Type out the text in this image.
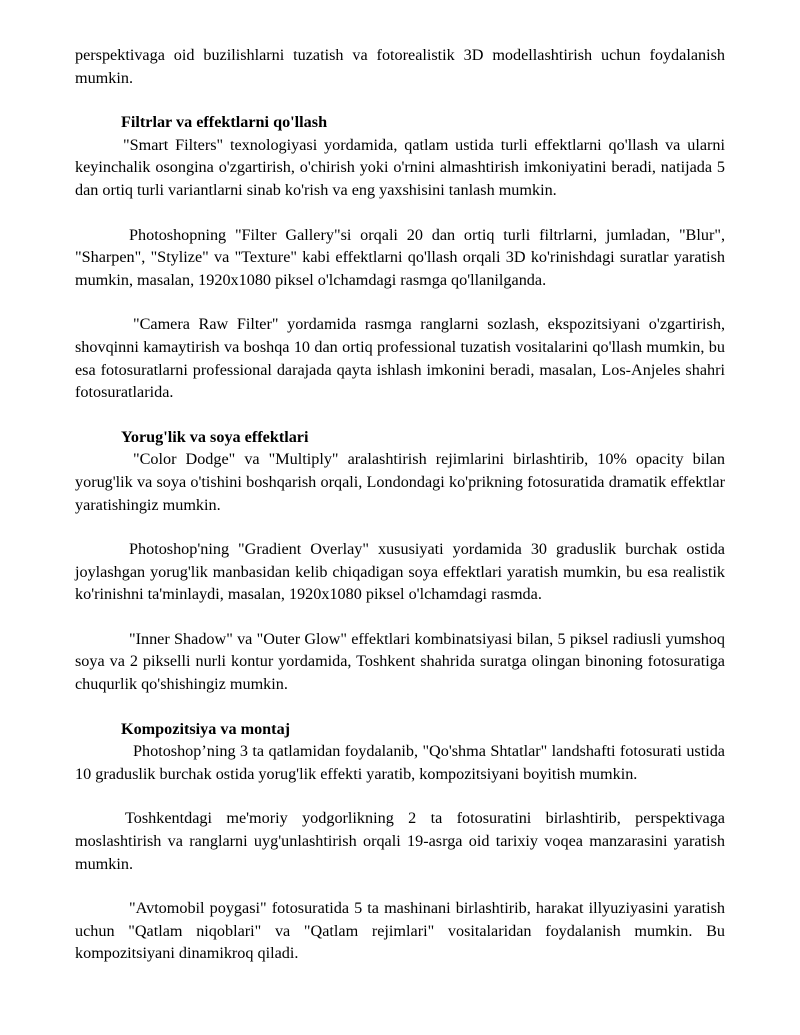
perspektivaga oid buzilishlarni tuzatish va fotorealistik 3D modellashtirish uchun foydalanish mumkin.

Filtrlar va effektlarni qo'llash

"Smart Filters" texnologiyasi yordamida, qatlam ustida turli effektlarni qo'llash va ularni keyinchalik osongina o'zgartirish, o'chirish yoki o'rnini almashtirish imkoniyatini beradi, natijada 5 dan ortiq turli variantlarni sinab ko'rish va eng yaxshisini tanlash mumkin.

Photoshopning "Filter Gallery"si orqali 20 dan ortiq turli filtrlarni, jumladan, "Blur", "Sharpen", "Stylize" va "Texture" kabi effektlarni qo'llash orqali 3D ko'rinishdagi suratlar yaratish mumkin, masalan, 1920x1080 piksel o'lchamdagi rasmga qo'llanilganda.

"Camera Raw Filter" yordamida rasmga ranglarni sozlash, ekspozitsiyani o'zgartirish, shovqinni kamaytirish va boshqa 10 dan ortiq professional tuzatish vositalarini qo'llash mumkin, bu esa fotosuratlarni professional darajada qayta ishlash imkonini beradi, masalan, Los-Anjeles shahri fotosuratlarida.

Yorug'lik va soya effektlari

"Color Dodge" va "Multiply" aralashtirish rejimlarini birlashtirib, 10% opacity bilan yorug'lik va soya o'tishini boshqarish orqali, Londondagi ko'prikning fotosuratida dramatik effektlar yaratishingiz mumkin.

Photoshop'ning "Gradient Overlay" xususiyati yordamida 30 graduslik burchak ostida joylashgan yorug'lik manbasidan kelib chiqadigan soya effektlari yaratish mumkin, bu esa realistik ko'rinishni ta'minlaydi, masalan, 1920x1080 piksel o'lchamdagi rasmda.

"Inner Shadow" va "Outer Glow" effektlari kombinatsiyasi bilan, 5 piksel radiusli yumshoq soya va 2 pikselli nurli kontur yordamida, Toshkent shahrida suratga olingan binoning fotosuratiga chuqurlik qo'shishingiz mumkin.

Kompozitsiya va montaj

Photoshop’ning 3 ta qatlamidan foydalanib, "Qo'shma Shtatlar" landshafti fotosurati ustida 10 graduslik burchak ostida yorug'lik effekti yaratib, kompozitsiyani boyitish mumkin.

Toshkentdagi me'moriy yodgorlikning 2 ta fotosuratini birlashtirib, perspektivaga moslashtirish va ranglarni uyg'unlashtirish orqali 19-asrga oid tarixiy voqea manzarasini yaratish mumkin.

"Avtomobil poygasi" fotosuratida 5 ta mashinani birlashtirib, harakat illyuziyasini yaratish uchun "Qatlam niqoblari" va "Qatlam rejimlari" vositalaridan foydalanish mumkin. Bu kompozitsiyani dinamikroq qiladi.
